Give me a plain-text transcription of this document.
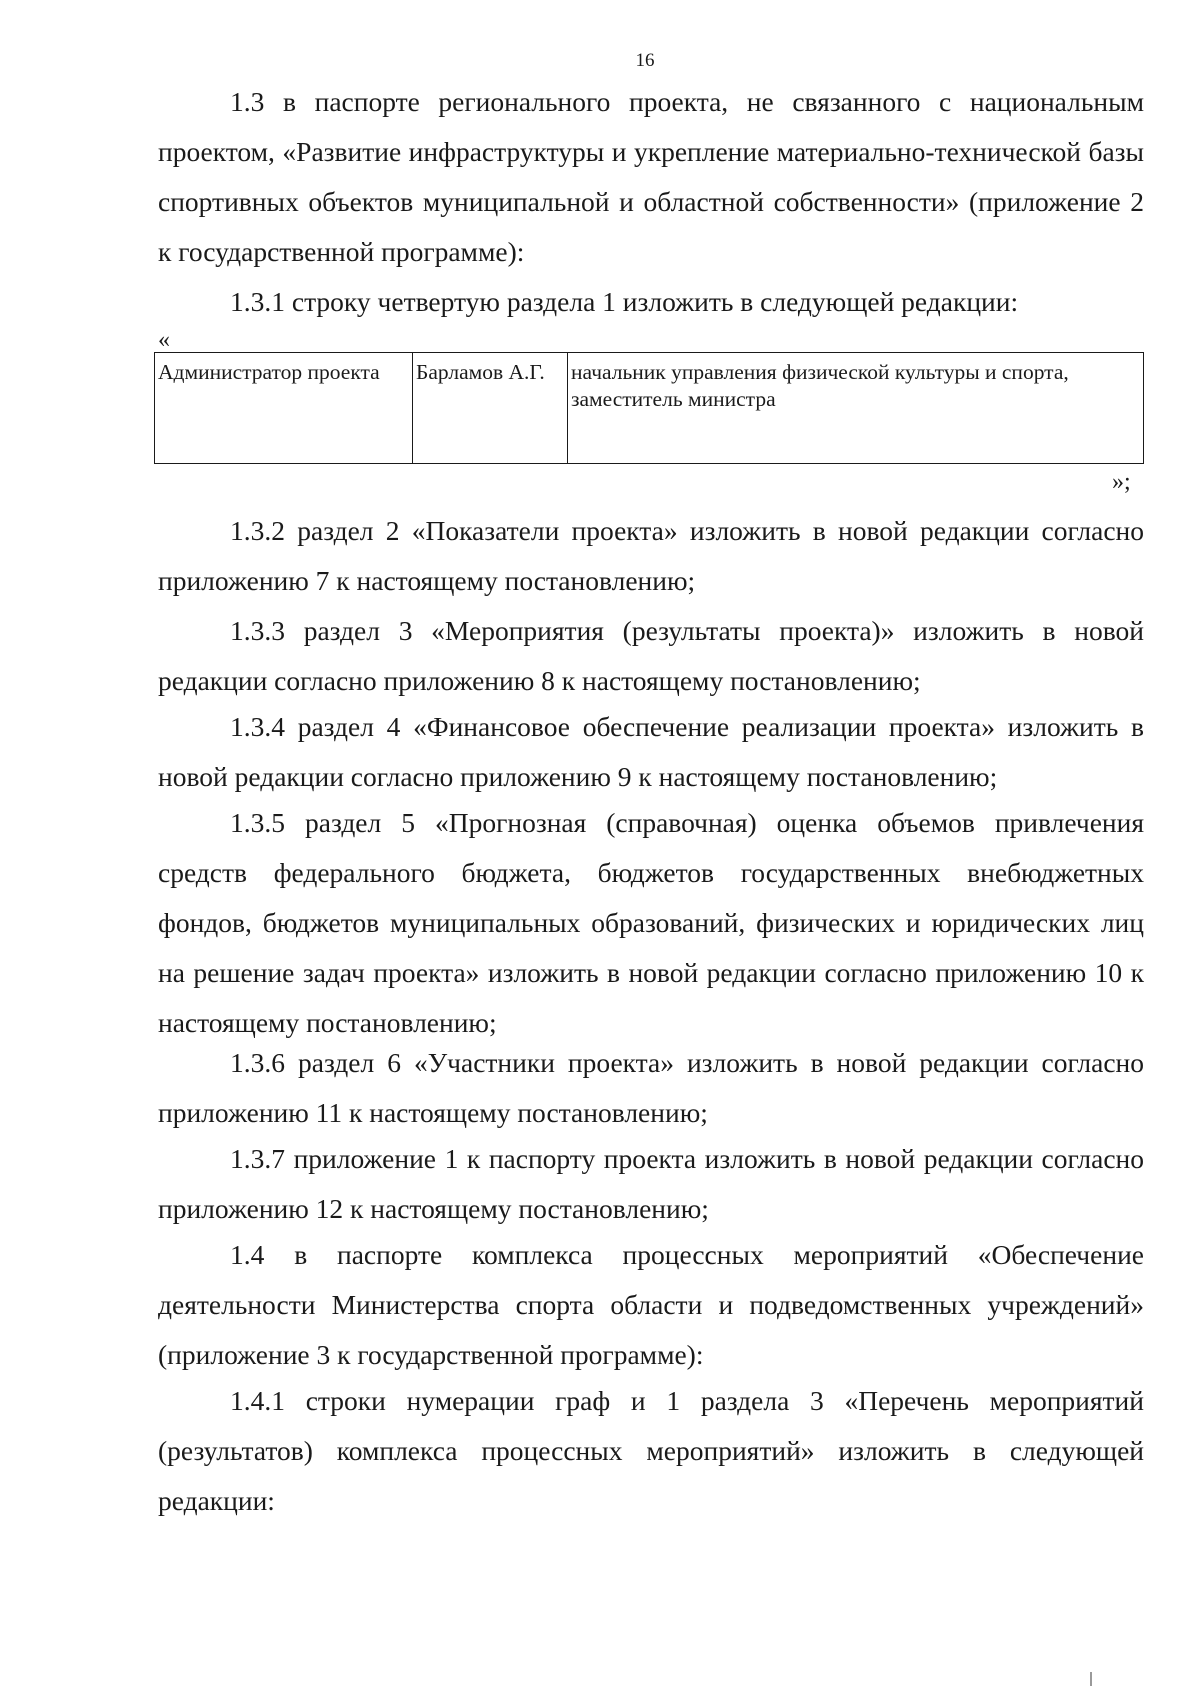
16

1.3 в паспорте регионального проекта, не связанного с национальным проектом, «Развитие инфраструктуры и укрепление материально-технической базы спортивных объектов муниципальной и областной собственности» (приложение 2 к государственной программе):

1.3.1 строку четвертую раздела 1 изложить в следующей редакции:

«
Администратор проекта	Барламов А.Г.	начальник управления физической культуры и спорта, заместитель министра
»;

1.3.2 раздел 2 «Показатели проекта» изложить в новой редакции согласно приложению 7 к настоящему постановлению;

1.3.3 раздел 3 «Мероприятия (результаты проекта)» изложить в новой редакции согласно приложению 8 к настоящему постановлению;

1.3.4 раздел 4 «Финансовое обеспечение реализации проекта» изложить в новой редакции согласно приложению 9 к настоящему постановлению;

1.3.5 раздел 5 «Прогнозная (справочная) оценка объемов привлечения средств федерального бюджета, бюджетов государственных внебюджетных фондов, бюджетов муниципальных образований, физических и юридических лиц на решение задач проекта» изложить в новой редакции согласно приложению 10 к настоящему постановлению;

1.3.6 раздел 6 «Участники проекта» изложить в новой редакции согласно приложению 11 к настоящему постановлению;

1.3.7 приложение 1 к паспорту проекта изложить в новой редакции согласно приложению 12 к настоящему постановлению;

1.4 в паспорте комплекса процессных мероприятий «Обеспечение деятельности Министерства спорта области и подведомственных учреждений» (приложение 3 к государственной программе):

1.4.1 строки нумерации граф и 1 раздела 3 «Перечень мероприятий (результатов) комплекса процессных мероприятий» изложить в следующей редакции:
